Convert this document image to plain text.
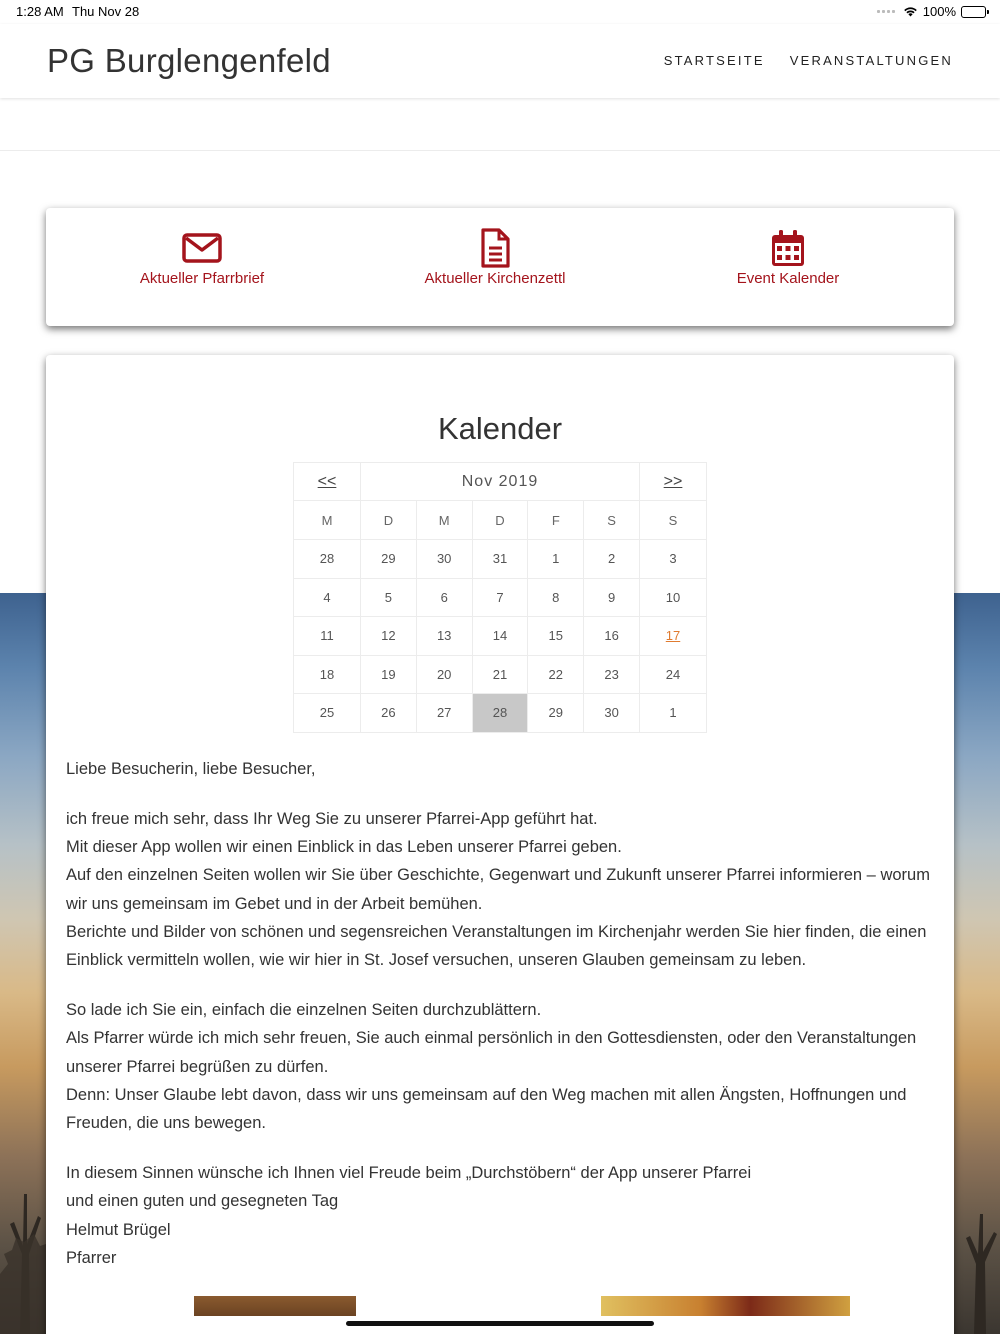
1:28 AM Thu Nov 28	100%
PG Burglengenfeld	STARTSEITE VERANSTALTUNGEN
Aktueller Pfarrbrief	Aktueller Kirchenzettl	Event Kalender
Kalender
<<	Nov 2019					>>
M	D	M	D	F	S	S
28	29	30	31	1	2	3
4	5	6	7	8	9	10
11	12	13	14	15	16	17
18	19	20	21	22	23	24
25	26	27	28	29	30	1

Liebe Besucherin, liebe Besucher,

ich freue mich sehr, dass Ihr Weg Sie zu unserer Pfarrei-App geführt hat.
Mit dieser App wollen wir einen Einblick in das Leben unserer Pfarrei geben.
Auf den einzelnen Seiten wollen wir Sie über Geschichte, Gegenwart und Zukunft unserer Pfarrei informieren – worum wir uns gemeinsam im Gebet und in der Arbeit bemühen.
Berichte und Bilder von schönen und segensreichen Veranstaltungen im Kirchenjahr werden Sie hier finden, die einen Einblick vermitteln wollen, wie wir hier in St. Josef versuchen, unseren Glauben gemeinsam zu leben.

So lade ich Sie ein, einfach die einzelnen Seiten durchzublättern.
Als Pfarrer würde ich mich sehr freuen, Sie auch einmal persönlich in den Gottesdiensten, oder den Veranstaltungen unserer Pfarrei begrüßen zu dürfen.
Denn: Unser Glaube lebt davon, dass wir uns gemeinsam auf den Weg machen mit allen Ängsten, Hoffnungen und Freuden, die uns bewegen.

In diesem Sinnen wünsche ich Ihnen viel Freude beim „Durchstöbern“ der App unserer Pfarrei
und einen guten und gesegneten Tag
Helmut Brügel
Pfarrer
